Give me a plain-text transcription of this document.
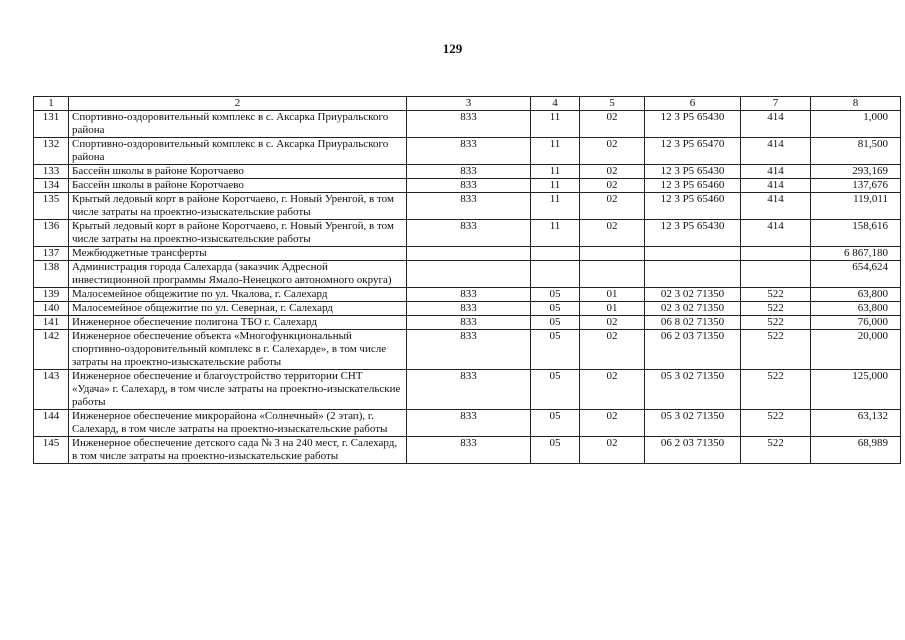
129
1	2	3	4	5	6	7	8
131	Спортивно-оздоровительный комплекс в с. Аксарка Приуральского района	833	11	02	12 3 Р5 65430	414	1,000
132	Спортивно-оздоровительный комплекс в с. Аксарка Приуральского района	833	11	02	12 3 Р5 65470	414	81,500
133	Бассейн школы в районе Коротчаево	833	11	02	12 3 Р5 65430	414	293,169
134	Бассейн школы в районе Коротчаево	833	11	02	12 3 Р5 65460	414	137,676
135	Крытый ледовый корт в районе Коротчаево, г. Новый Уренгой, в том числе затраты на проектно-изыскательские работы	833	11	02	12 3 Р5 65460	414	119,011
136	Крытый ледовый корт в районе Коротчаево, г. Новый Уренгой, в том числе затраты на проектно-изыскательские работы	833	11	02	12 3 Р5 65430	414	158,616
137	Межбюджетные трансферты						6 867,180
138	Администрация города Салехарда (заказчик Адресной инвестиционной программы Ямало-Ненецкого автономного округа)						654,624
139	Малосемейное общежитие по ул. Чкалова, г. Салехард	833	05	01	02 3 02 71350	522	63,800
140	Малосемейное общежитие по ул. Северная, г. Салехард	833	05	01	02 3 02 71350	522	63,800
141	Инженерное обеспечение полигона ТБО г. Салехард	833	05	02	06 8 02 71350	522	76,000
142	Инженерное обеспечение объекта «Многофункциональный спортивно-оздоровительный комплекс в г. Салехарде», в том числе затраты на проектно-изыскательские работы	833	05	02	06 2 03 71350	522	20,000
143	Инженерное обеспечение и благоустройство территории СНТ «Удача» г. Салехард, в том числе затраты на проектно-изыскательские работы	833	05	02	05 3 02 71350	522	125,000
144	Инженерное обеспечение микрорайона «Солнечный» (2 этап), г. Салехард, в том числе затраты на проектно-изыскательские работы	833	05	02	05 3 02 71350	522	63,132
145	Инженерное обеспечение детского сада № 3 на 240 мест, г. Салехард, в том числе затраты на проектно-изыскательские работы	833	05	02	06 2 03 71350	522	68,989
